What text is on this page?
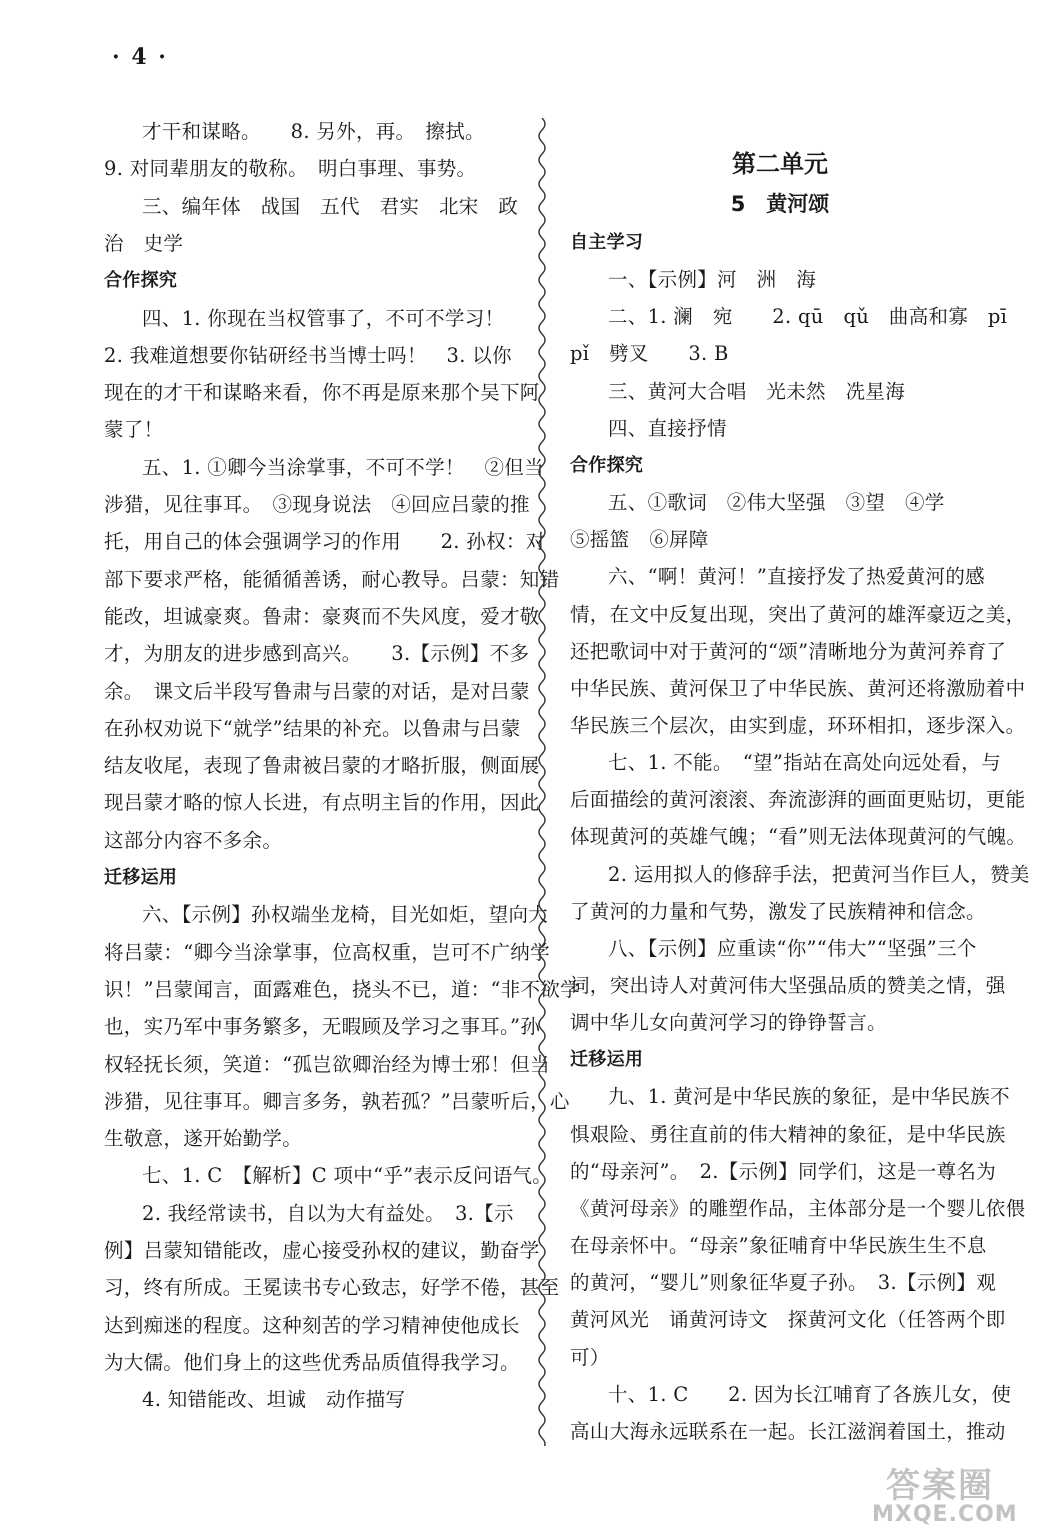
· 4 ·
才干和谋略。　　8. 另外，再。　擦拭。
9. 对同辈朋友的敬称。　明白事理、事势。
三、编年体　战国　五代　君实　北宋　政
治　史学
合作探究
四、1. 你现在当权管事了，不可不学习！
2. 我难道想要你钻研经书当博士吗！　3. 以你
现在的才干和谋略来看，你不再是原来那个吴下阿
蒙了！
五、1. ①卿今当涂掌事，不可不学！　②但当
涉猎，见往事耳。　③现身说法　④回应吕蒙的推
托，用自己的体会强调学习的作用　　2. 孙权：对
部下要求严格，能循循善诱，耐心教导。吕蒙：知错
能改，坦诚豪爽。鲁肃：豪爽而不失风度，爱才敬
才，为朋友的进步感到高兴。　　3.【示例】不多
余。　课文后半段写鲁肃与吕蒙的对话，是对吕蒙
在孙权劝说下“就学”结果的补充。以鲁肃与吕蒙
结友收尾，表现了鲁肃被吕蒙的才略折服，侧面展
现吕蒙才略的惊人长进，有点明主旨的作用，因此
这部分内容不多余。
迁移运用
六、【示例】孙权端坐龙椅，目光如炬，望向大
将吕蒙：“卿今当涂掌事，位高权重，岂可不广纳学
识！”吕蒙闻言，面露难色，挠头不已，道：“非不欲学
也，实乃军中事务繁多，无暇顾及学习之事耳。”孙
权轻抚长须，笑道：“孤岂欲卿治经为博士邪！但当
涉猎，见往事耳。卿言多务，孰若孤？”吕蒙听后，心
生敬意，遂开始勤学。
七、1. C　【解析】C 项中“乎”表示反问语气。
2. 我经常读书，自以为大有益处。　3.【示
例】吕蒙知错能改，虚心接受孙权的建议，勤奋学
习，终有所成。王冕读书专心致志，好学不倦，甚至
达到痴迷的程度。这种刻苦的学习精神使他成长
为大儒。他们身上的这些优秀品质值得我学习。
4. 知错能改、坦诚　动作描写
第二单元
5　黄河颂
自主学习
一、【示例】河　洲　海
二、1. 澜　宛　　2. qū　qǔ　曲高和寡　pī
pǐ　劈叉　　3. B
三、黄河大合唱　光未然　冼星海
四、直接抒情
合作探究
五、①歌词　②伟大坚强　③望　④学
⑤摇篮　⑥屏障
六、“啊！黄河！”直接抒发了热爱黄河的感
情，在文中反复出现，突出了黄河的雄浑豪迈之美，
还把歌词中对于黄河的“颂”清晰地分为黄河养育了
中华民族、黄河保卫了中华民族、黄河还将激励着中
华民族三个层次，由实到虚，环环相扣，逐步深入。
七、1. 不能。　“望”指站在高处向远处看，与
后面描绘的黄河滚滚、奔流澎湃的画面更贴切，更能
体现黄河的英雄气魄；“看”则无法体现黄河的气魄。
2. 运用拟人的修辞手法，把黄河当作巨人，赞美
了黄河的力量和气势，激发了民族精神和信念。
八、【示例】应重读“你”“伟大”“坚强”三个
词，突出诗人对黄河伟大坚强品质的赞美之情，强
调中华儿女向黄河学习的铮铮誓言。
迁移运用
九、1. 黄河是中华民族的象征，是中华民族不
惧艰险、勇往直前的伟大精神的象征，是中华民族
的“母亲河”。　2.【示例】同学们，这是一尊名为
《黄河母亲》的雕塑作品，主体部分是一个婴儿依偎
在母亲怀中。“母亲”象征哺育中华民族生生不息
的黄河，“婴儿”则象征华夏子孙。　3.【示例】观
黄河风光　诵黄河诗文　探黄河文化（任答两个即
可）
十、1. C　　2. 因为长江哺育了各族儿女，使
高山大海永远联系在一起。长江滋润着国土，推动
答案圈
MXQE.COM
